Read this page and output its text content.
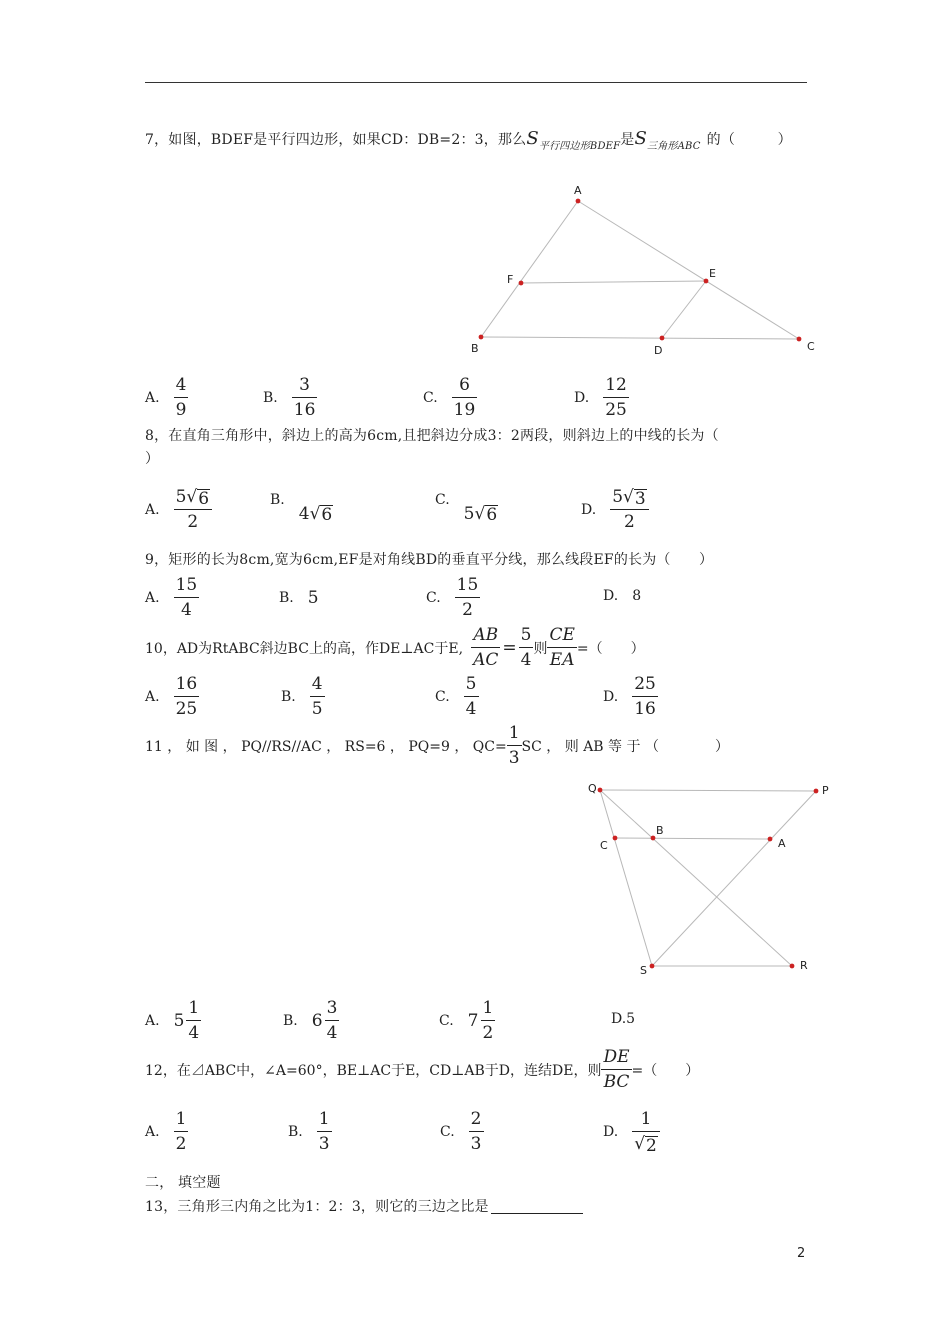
7，如图，BDEF是平行四边形，如果CD：DB=2：3，那么$S_{平行四边形BDEF}$是$S_{三角形ABC}$ 的（　　　）
A
F	E
B	D	C
A. $\frac{4}{9}$	B. $\frac{3}{16}$	C. $\frac{6}{19}$	D. $\frac{12}{25}$
8，在直角三角形中，斜边上的高为6cm,且把斜边分成3：2两段，则斜边上的中线的长为（
）
A. $\frac{5 √ 6}{2}$	B.
4 √ 6
C.
5 √ 6	D. $\frac{5 √ 3}{2}$
9，矩形的长为8cm,宽为6cm,EF是对角线BD的垂直平分线，那么线段EF的长为（　　）
A. $\frac{15}{4}$	B. 5	C. $\frac{15}{2}$	D. 8
10，AD为RtABC斜边BC上的高，作DE⊥AC于E, $\frac{AB}{AC} = \frac{5}{4}$ 则 $\frac{CE}{EA}$ =（　　）
A. $\frac{16}{25}$	B. $\frac{4}{5}$	C. $\frac{5}{4}$	D. $\frac{25}{16}$
11 ， 如 图 ， PQ//RS//AC ， RS=6 ， PQ=9 ， $QC= \frac{1}{3}$ SC ， 则 AB 等 于 （　　　　）
Q	P
B
C	A
S	R
A. $5 \frac{1}{4}$	B. $6 \frac{3}{4}$	C. $7 \frac{1}{2}$	D.5
12，在⊿ABC中，∠A=60°，BE⊥AC于E，CD⊥AB于D，连结DE，则 $\frac{DE}{BC}$ =（　　）
A. $\frac{1}{2}$	B. $\frac{1}{3}$	C. $\frac{2}{3}$	D. $\frac{1}{√ 2}$
二， 填空题
13，三角形三内角之比为1：2：3，则它的三边之比是
2
